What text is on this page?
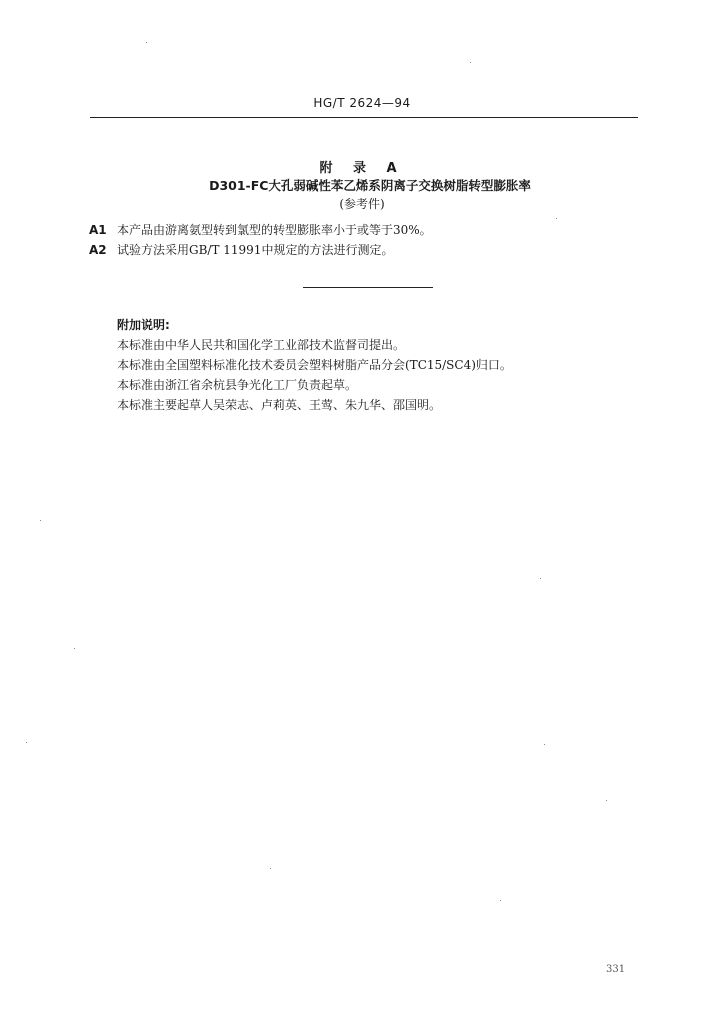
HG/T 2624—94
附 录 A
D301-FC大孔弱碱性苯乙烯系阴离子交换树脂转型膨胀率
(参考件)
A1 本产品由游离氨型转到氯型的转型膨胀率小于或等于30%。
A2 试验方法采用GB/T 11991中规定的方法进行测定。
附加说明:
本标准由中华人民共和国化学工业部技术监督司提出。
本标准由全国塑料标准化技术委员会塑料树脂产品分会(TC15/SC4)归口。
本标准由浙江省余杭县争光化工厂负责起草。
本标准主要起草人吴荣志、卢莉英、王莺、朱九华、邵国明。
331
